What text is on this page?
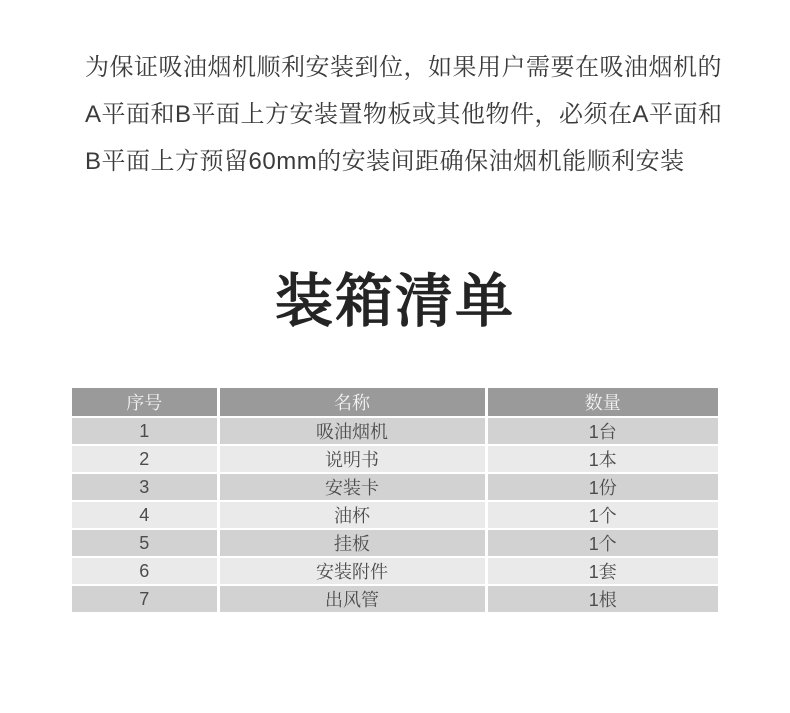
为保证吸油烟机顺利安装到位，如果用户需要在吸油烟机的
A平面和B平面上方安装置物板或其他物件，必须在A平面和
B平面上方预留60mm的安装间距确保油烟机能顺利安装
装箱清单
序号	名称	数量
1	吸油烟机	1台
2	说明书	1本
3	安装卡	1份
4	油杯	1个
5	挂板	1个
6	安装附件	1套
7	出风管	1根
